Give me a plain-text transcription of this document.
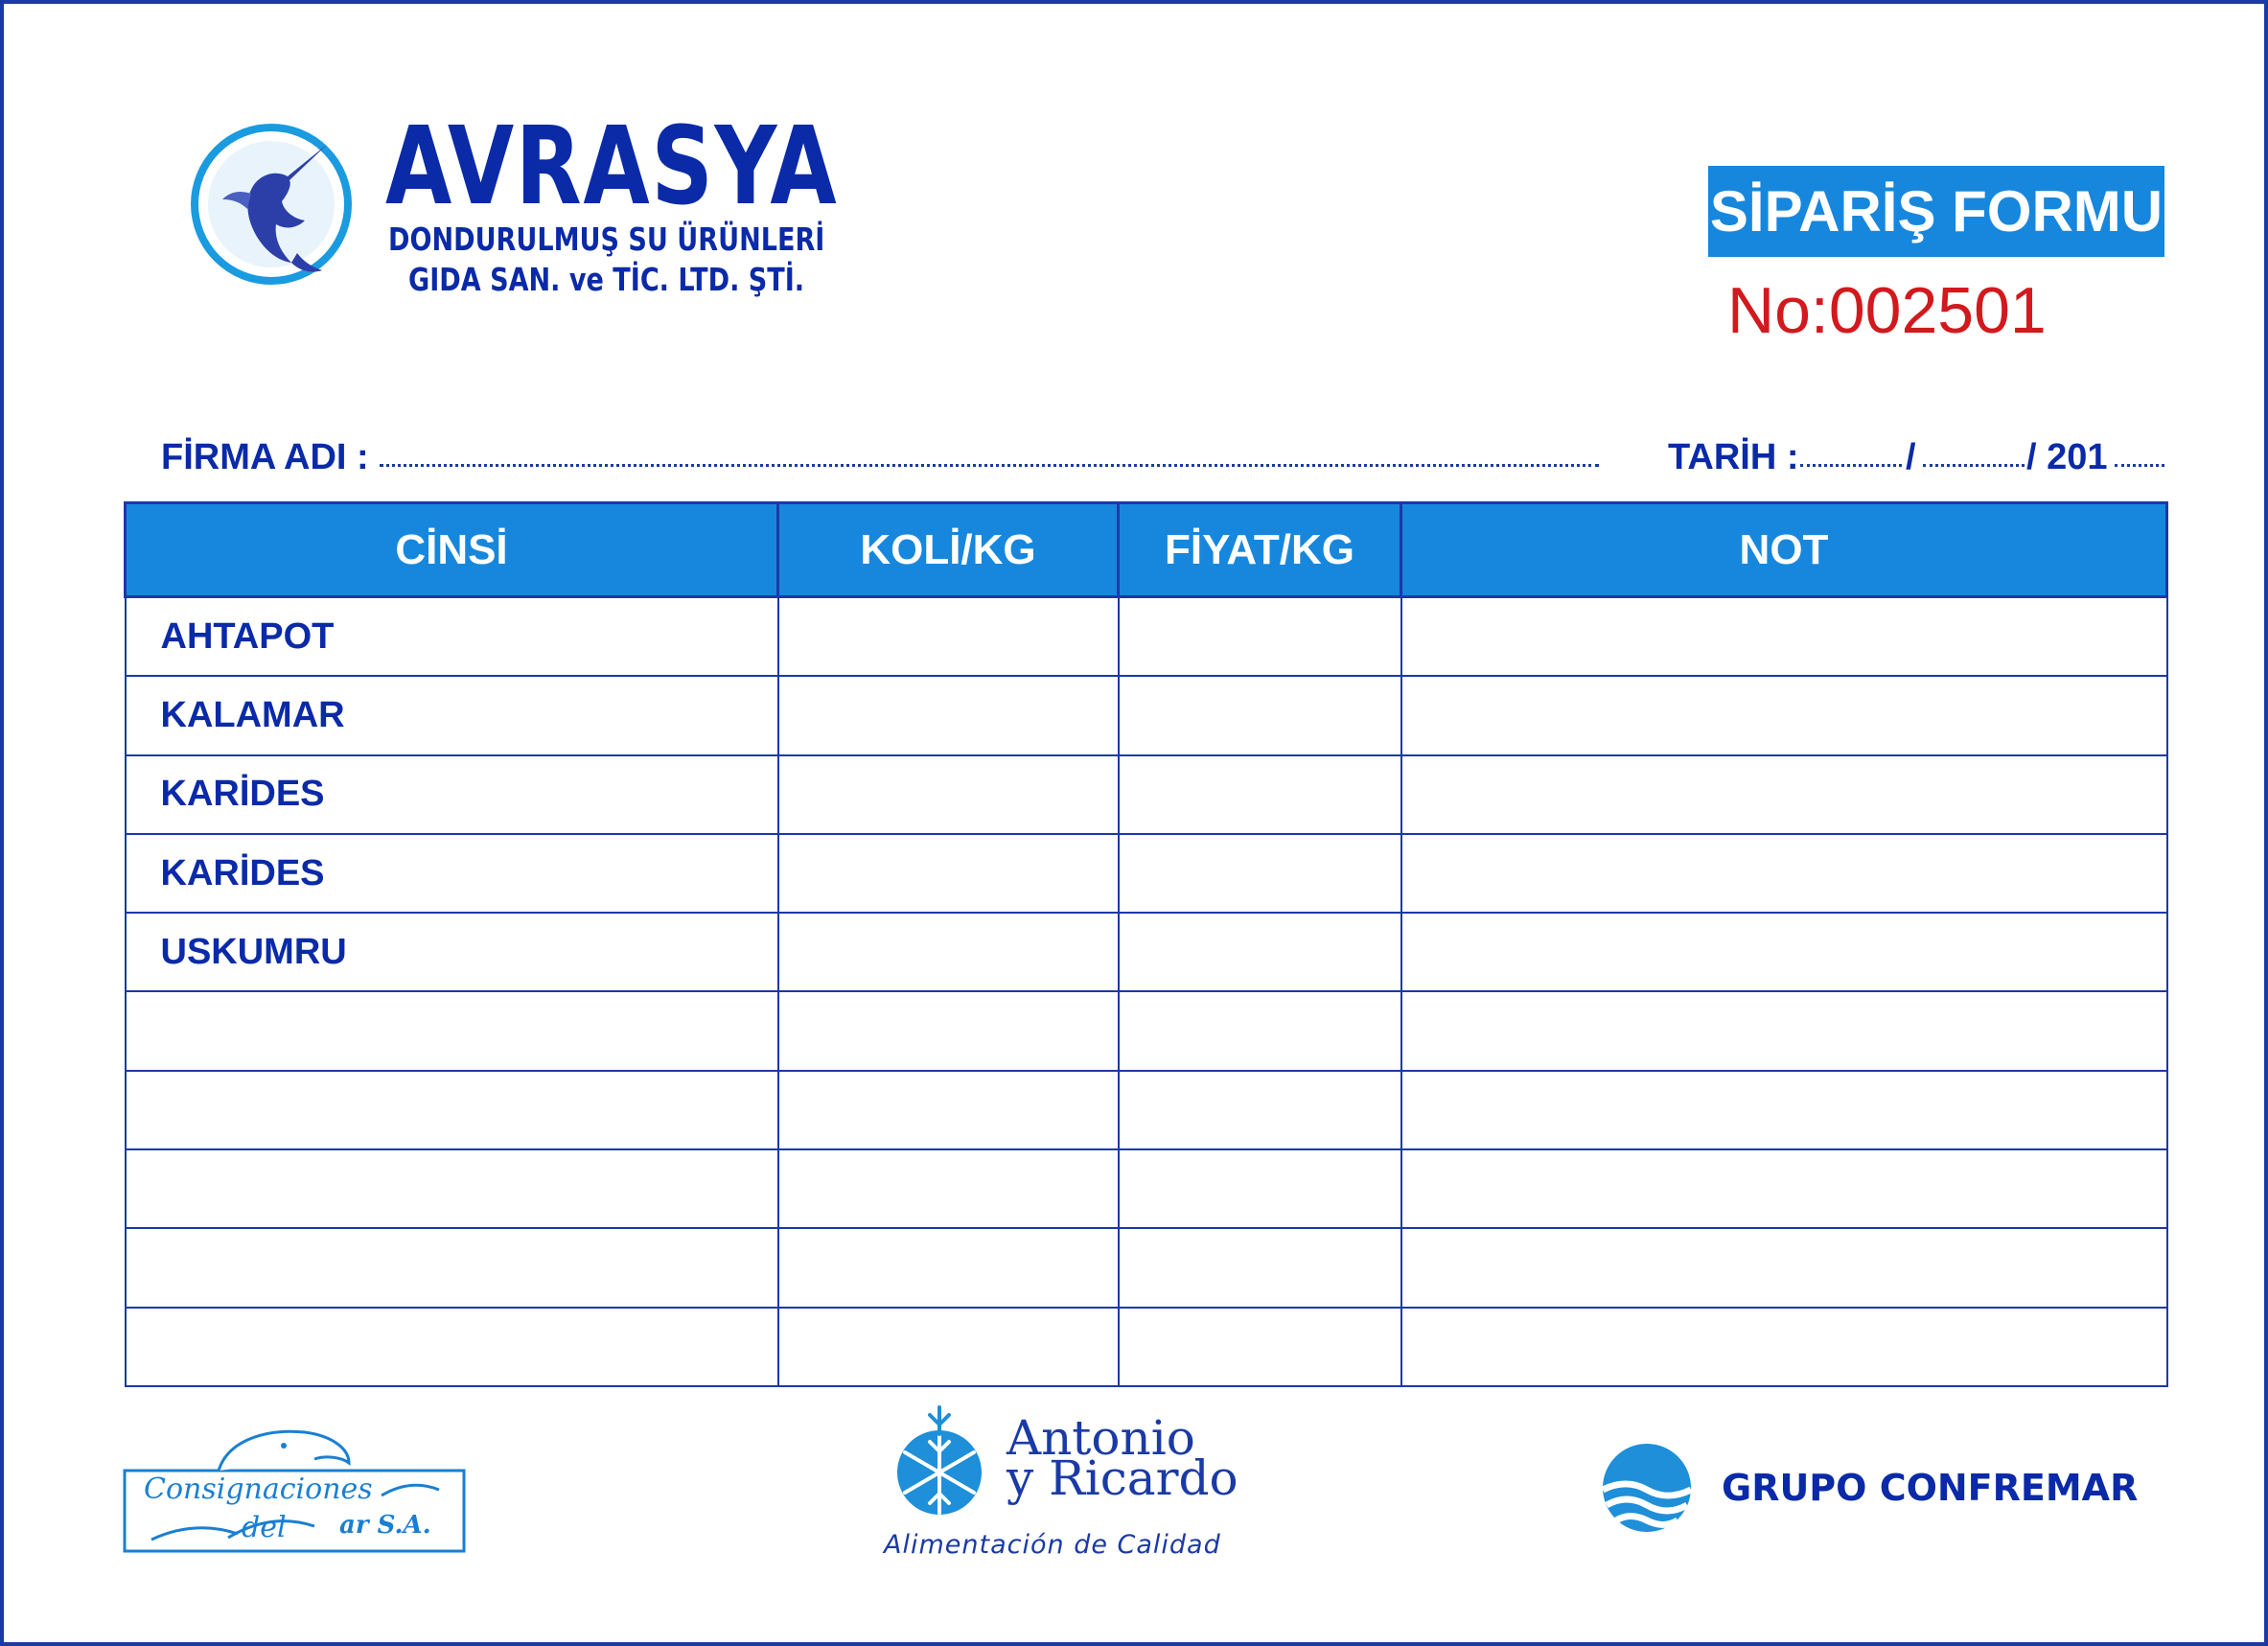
AVRASYA
DONDURULMUŞ SU ÜRÜNLERİ
GIDA SAN. ve TİC. LTD. ŞTİ.
SİPARİŞ FORMU
No:002501
FİRMA ADI :	TARİH :	/	/ 201
CİNSİ	KOLİ/KG	FİYAT/KG	NOT
AHTAPOT			
KALAMAR			
KARİDES			
KARİDES			
USKUMRU			

Consignaciones
del ar S.A.
Antonio
y Ricardo
Alimentación de Calidad
GRUPO CONFREMAR
